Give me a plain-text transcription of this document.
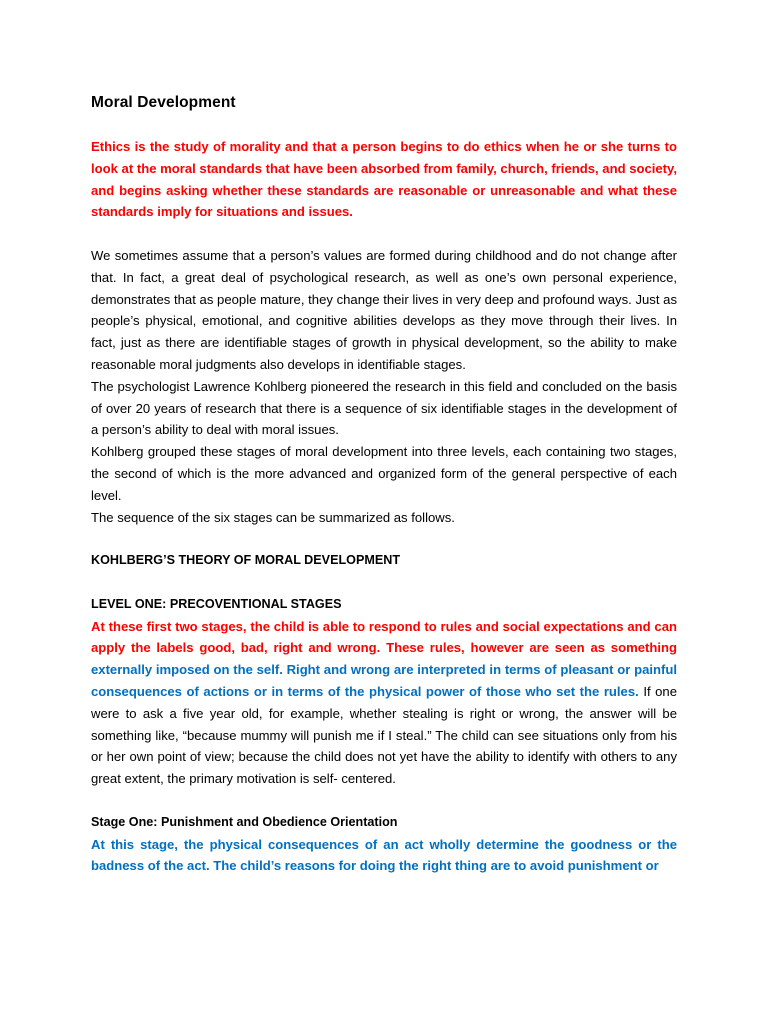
Moral Development

Ethics is the study of morality and that a person begins to do ethics when he or she turns to look at the moral standards that have been absorbed from family, church, friends, and society, and begins asking whether these standards are reasonable or unreasonable and what these standards imply for situations and issues.

We sometimes assume that a person’s values are formed during childhood and do not change after that. In fact, a great deal of psychological research, as well as one’s own personal experience, demonstrates that as people mature, they change their lives in very deep and profound ways. Just as people’s physical, emotional, and cognitive abilities develops as they move through their lives. In fact, just as there are identifiable stages of growth in physical development, so the ability to make reasonable moral judgments also develops in identifiable stages.

The psychologist Lawrence Kohlberg pioneered the research in this field and concluded on the basis of over 20 years of research that there is a sequence of six identifiable stages in the development of a person’s ability to deal with moral issues.

Kohlberg grouped these stages of moral development into three levels, each containing two stages, the second of which is the more advanced and organized form of the general perspective of each level.

The sequence of the six stages can be summarized as follows.

KOHLBERG’S THEORY OF MORAL DEVELOPMENT

LEVEL ONE: PRECOVENTIONAL STAGES

At these first two stages, the child is able to respond to rules and social expectations and can apply the labels good, bad, right and wrong. These rules, however are seen as something externally imposed on the self. Right and wrong are interpreted in terms of pleasant or painful consequences of actions or in terms of the physical power of those who set the rules. If one were to ask a five year old, for example, whether stealing is right or wrong, the answer will be something like, “because mummy will punish me if I steal.” The child can see situations only from his or her own point of view; because the child does not yet have the ability to identify with others to any great extent, the primary motivation is self- centered.

Stage One: Punishment and Obedience Orientation

At this stage, the physical consequences of an act wholly determine the goodness or the badness of the act. The child’s reasons for doing the right thing are to avoid punishment or
